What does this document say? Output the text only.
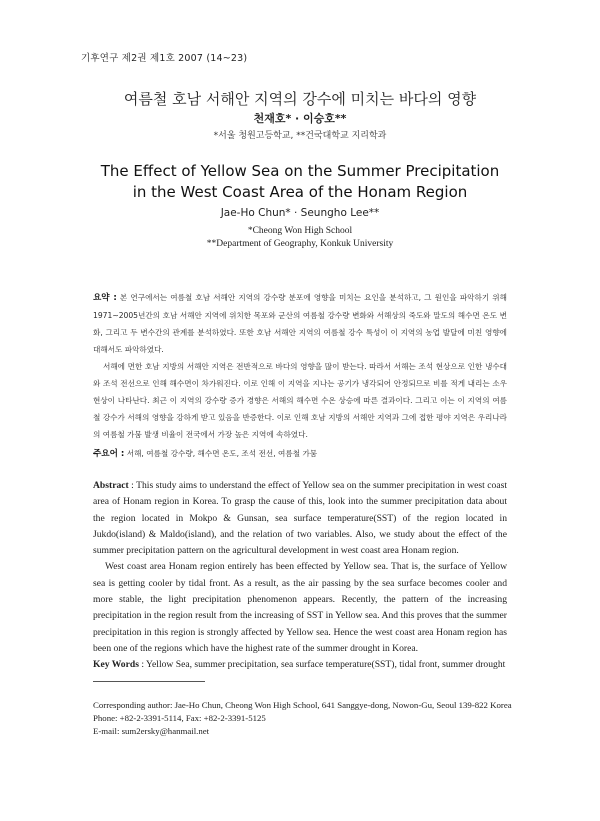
기후연구 제2권 제1호 2007 (14~23)
여름철 호남 서해안 지역의 강수에 미치는 바다의 영향
천재호* · 이승호**
*서울 청원고등학교, **건국대학교 지리학과
The Effect of Yellow Sea on the Summer Precipitation
in the West Coast Area of the Honam Region
Jae-Ho Chun* · Seungho Lee**
*Cheong Won High School
**Department of Geography, Konkuk University

요약 : 본 연구에서는 여름철 호남 서해안 지역의 강수량 분포에 영향을 미치는 요인을 분석하고, 그 원인을 파악하기 위해 1971~2005년간의 호남 서해안 지역에 위치한 목포와 군산의 여름철 강수량 변화와 서해상의 죽도와 말도의 해수면 온도 변화, 그리고 두 변수간의 관계를 분석하였다. 또한 호남 서해안 지역의 여름철 강수 특성이 이 지역의 농업 발달에 미친 영향에 대해서도 파악하였다.

서해에 면한 호남 지방의 서해안 지역은 전반적으로 바다의 영향을 많이 받는다. 따라서 서해는 조석 현상으로 인한 냉수대와 조석 전선으로 인해 해수면이 차가워진다. 이로 인해 이 지역을 지나는 공기가 냉각되어 안정되므로 비를 적게 내리는 소우 현상이 나타난다. 최근 이 지역의 강수량 증가 경향은 서해의 해수면 수온 상승에 따른 결과이다. 그리고 이는 이 지역의 여름철 강수가 서해의 영향을 강하게 받고 있음을 반증한다. 이로 인해 호남 지방의 서해안 지역과 그에 접한 평야 지역은 우리나라의 여름철 가뭄 발생 비율이 전국에서 가장 높은 지역에 속하였다.

주요어 : 서해, 여름철 강수량, 해수면 온도, 조석 전선, 여름철 가뭄

Abstract : This study aims to understand the effect of Yellow sea on the summer precipitation in west coast area of Honam region in Korea. To grasp the cause of this, look into the summer precipitation data about the region located in Mokpo & Gunsan, sea surface temperature(SST) of the region located in Jukdo(island) & Maldo(island), and the relation of two variables. Also, we study about the effect of the summer precipitation pattern on the agricultural development in west coast area Honam region.

West coast area Honam region entirely has been effected by Yellow sea. That is, the surface of Yellow sea is getting cooler by tidal front. As a result, as the air passing by the sea surface becomes cooler and more stable, the light precipitation phenomenon appears. Recently, the pattern of the increasing precipitation in the region result from the increasing of SST in Yellow sea. And this proves that the summer precipitation in this region is strongly affected by Yellow sea. Hence the west coast area Honam region has been one of the regions which have the highest rate of the summer drought in Korea.

Key Words : Yellow Sea, summer precipitation, sea surface temperature(SST), tidal front, summer drought

Corresponding author: Jae-Ho Chun, Cheong Won High School, 641 Sanggye-dong, Nowon-Gu, Seoul 139-822 Korea
Phone: +82-2-3391-5114, Fax: +82-2-3391-5125
E-mail: sum2ersky@hanmail.net
